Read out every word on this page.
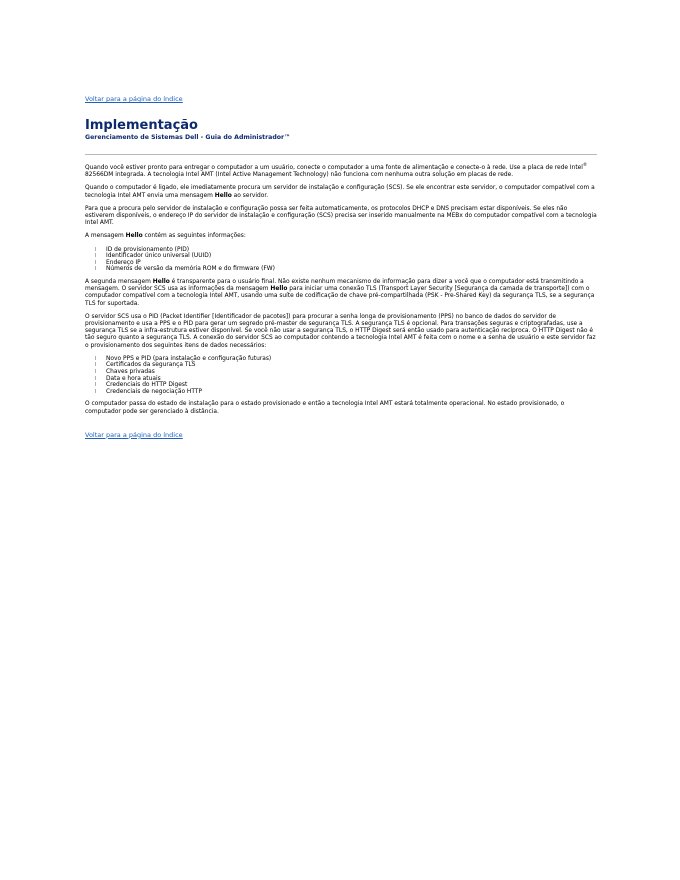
Voltar para a página do índice
Implementação
Gerenciamento de Sistemas Dell - Guia do Administrador™

Quando você estiver pronto para entregar o computador a um usuário, conecte o computador a uma fonte de alimentação e conecte-o à rede. Use a placa de rede Intel® 82566DM integrada. A tecnologia Intel AMT (Intel Active Management Technology) não funciona com nenhuma outra solução em placas de rede.

Quando o computador é ligado, ele imediatamente procura um servidor de instalação e configuração (SCS). Se ele encontrar este servidor, o computador compatível com a tecnologia Intel AMT envia uma mensagem Hello ao servidor.

Para que a procura pelo servidor de instalação e configuração possa ser feita automaticamente, os protocolos DHCP e DNS precisam estar disponíveis. Se eles não estiverem disponíveis, o endereço IP do servidor de instalação e configuração (SCS) precisa ser inserido manualmente na MEBx do computador compatível com a tecnologia Intel AMT.

A mensagem Hello contém as seguintes informações:

l ID de provisionamento (PID)
l Identificador único universal (UUID)
l Endereço IP
l Números de versão da memória ROM e do firmware (FW)

A segunda mensagem Hello é transparente para o usuário final. Não existe nenhum mecanismo de informação para dizer a você que o computador está transmitindo a mensagem. O servidor SCS usa as informações da mensagem Hello para iniciar uma conexão TLS (Transport Layer Security [Segurança da camada de transporte]) com o computador compatível com a tecnologia Intel AMT, usando uma suíte de codificação de chave pré-compartilhada (PSK - Pre-Shared Key) da segurança TLS, se a segurança TLS for suportada.

O servidor SCS usa o PID (Packet Identifier [Identificador de pacotes]) para procurar a senha longa de provisionamento (PPS) no banco de dados do servidor de provisionamento e usa a PPS e o PID para gerar um segredo pré-master de segurança TLS. A segurança TLS é opcional. Para transações seguras e criptografadas, use a segurança TLS se a infra-estrutura estiver disponível. Se você não usar a segurança TLS, o HTTP Digest será então usado para autenticação recíproca. O HTTP Digest não é tão seguro quanto a segurança TLS. A conexão do servidor SCS ao computador contendo a tecnologia Intel AMT é feita com o nome e a senha de usuário e este servidor faz o provisionamento dos seguintes itens de dados necessários:

l Novo PPS e PID (para instalação e configuração futuras)
l Certificados da segurança TLS
l Chaves privadas
l Data e hora atuais
l Credenciais do HTTP Digest
l Credenciais de negociação HTTP

O computador passa do estado de instalação para o estado provisionado e então a tecnologia Intel AMT estará totalmente operacional. No estado provisionado, o computador pode ser gerenciado à distância.

Voltar para a página do índice
